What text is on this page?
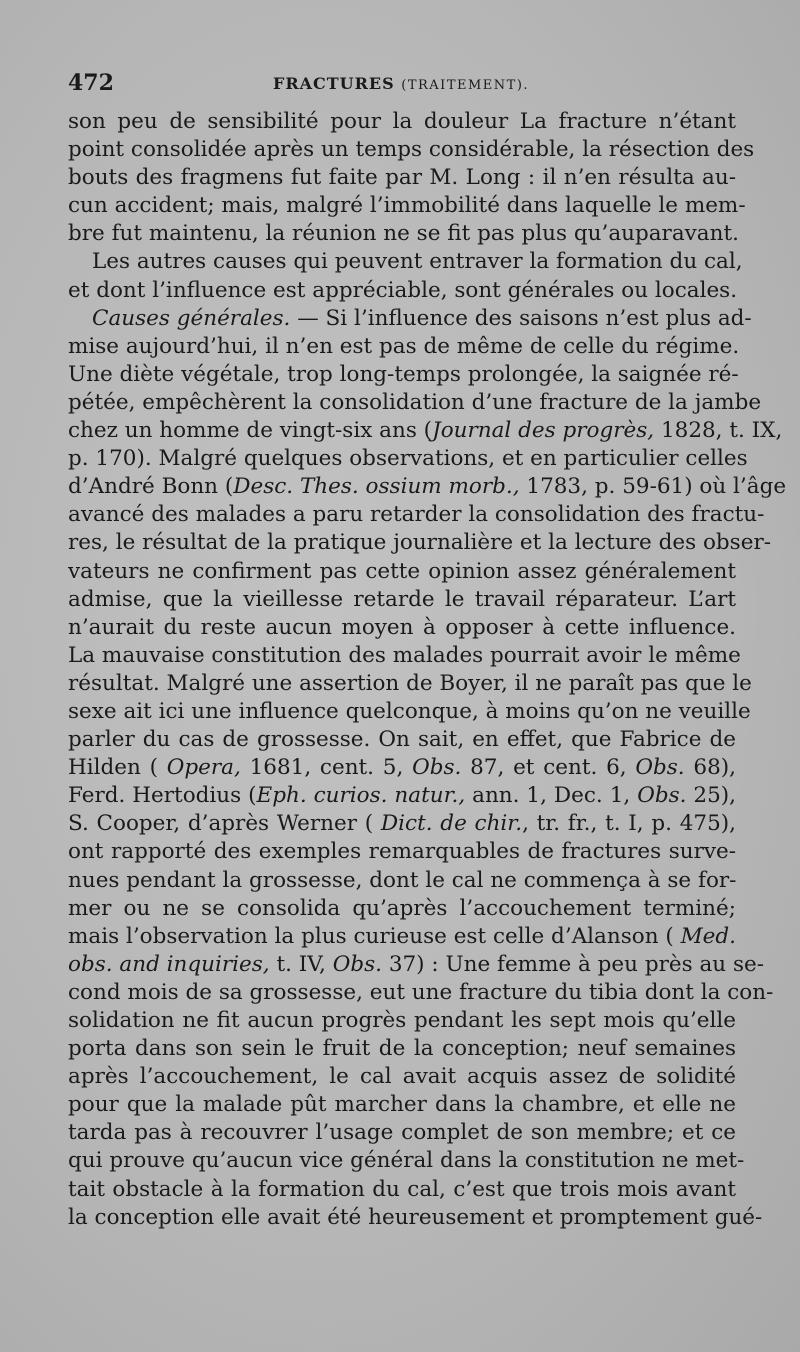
472	FRACTURES (TRAITEMENT).
son peu de sensibilité pour la douleur La fracture n’étant
point consolidée après un temps considérable, la résection des
bouts des fragmens fut faite par M. Long : il n’en résulta au-
cun accident; mais, malgré l’immobilité dans laquelle le mem-
bre fut maintenu, la réunion ne se fit pas plus qu’auparavant.
Les autres causes qui peuvent entraver la formation du cal,
et dont l’influence est appréciable, sont générales ou locales.
Causes générales. — Si l’influence des saisons n’est plus ad-
mise aujourd’hui, il n’en est pas de même de celle du régime.
Une diète végétale, trop long-temps prolongée, la saignée ré-
pétée, empêchèrent la consolidation d’une fracture de la jambe
chez un homme de vingt-six ans (Journal des progrès, 1828, t. IX,
p. 170). Malgré quelques observations, et en particulier celles
d’André Bonn (Desc. Thes. ossium morb., 1783, p. 59-61) où l’âge
avancé des malades a paru retarder la consolidation des fractu-
res, le résultat de la pratique journalière et la lecture des obser-
vateurs ne confirment pas cette opinion assez généralement
admise, que la vieillesse retarde le travail réparateur. L’art
n’aurait du reste aucun moyen à opposer à cette influence.
La mauvaise constitution des malades pourrait avoir le même
résultat. Malgré une assertion de Boyer, il ne paraît pas que le
sexe ait ici une influence quelconque, à moins qu’on ne veuille
parler du cas de grossesse. On sait, en effet, que Fabrice de
Hilden ( Opera, 1681, cent. 5, Obs. 87, et cent. 6, Obs. 68),
Ferd. Hertodius (Eph. curios. natur., ann. 1, Dec. 1, Obs. 25),
S. Cooper, d’après Werner ( Dict. de chir., tr. fr., t. I, p. 475),
ont rapporté des exemples remarquables de fractures surve-
nues pendant la grossesse, dont le cal ne commença à se for-
mer ou ne se consolida qu’après l’accouchement terminé;
mais l’observation la plus curieuse est celle d’Alanson ( Med.
obs. and inquiries, t. IV, Obs. 37) : Une femme à peu près au se-
cond mois de sa grossesse, eut une fracture du tibia dont la con-
solidation ne fit aucun progrès pendant les sept mois qu’elle
porta dans son sein le fruit de la conception; neuf semaines
après l’accouchement, le cal avait acquis assez de solidité
pour que la malade pût marcher dans la chambre, et elle ne
tarda pas à recouvrer l’usage complet de son membre; et ce
qui prouve qu’aucun vice général dans la constitution ne met-
tait obstacle à la formation du cal, c’est que trois mois avant
la conception elle avait été heureusement et promptement gué-
